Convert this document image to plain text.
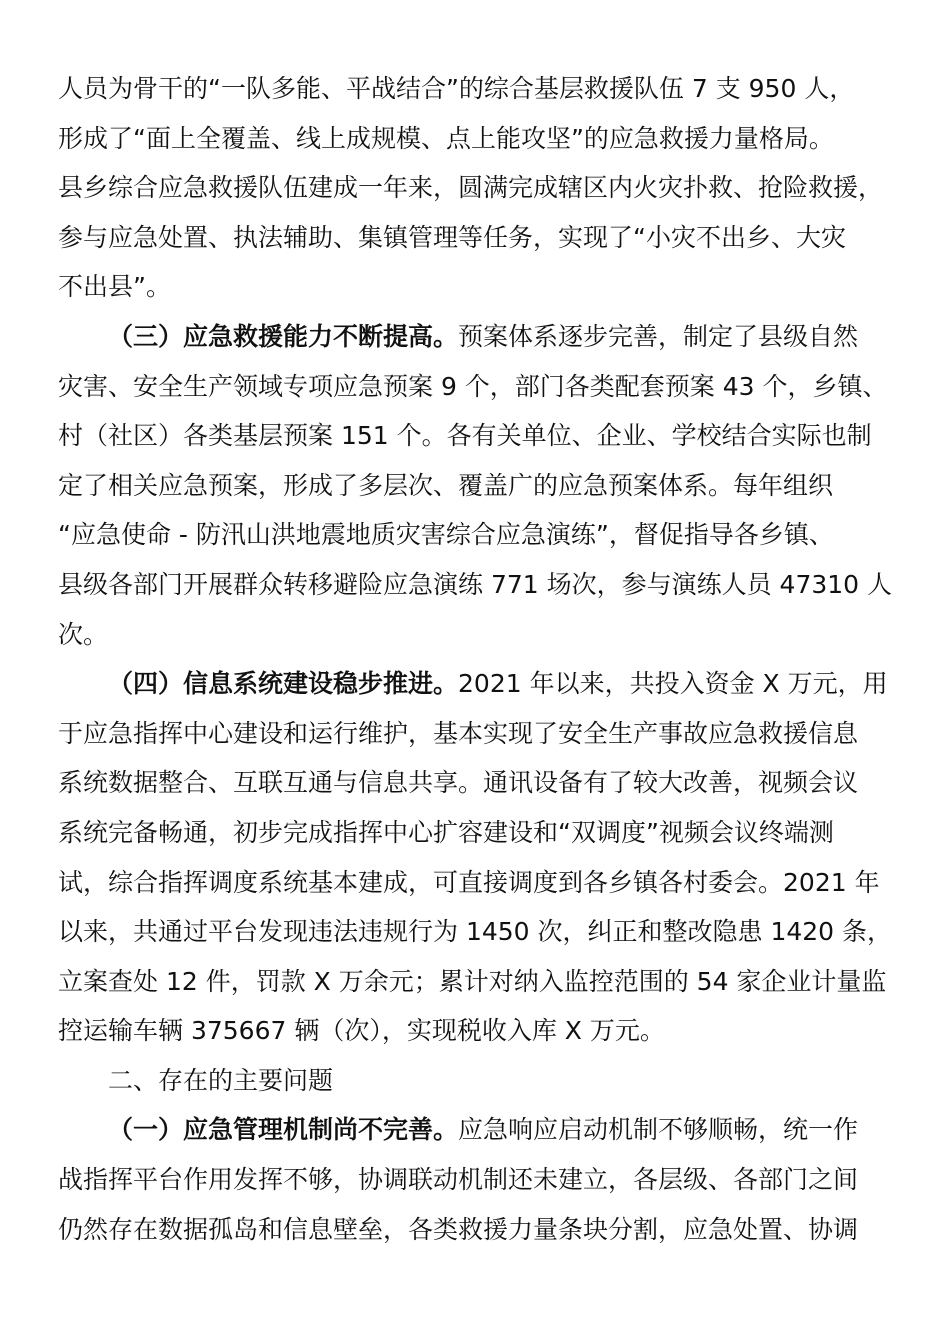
人员为骨干的“一队多能、平战结合”的综合基层救援队伍 7 支 950 人，
形成了“面上全覆盖、线上成规模、点上能攻坚”的应急救援力量格局。
县乡综合应急救援队伍建成一年来，圆满完成辖区内火灾扑救、抢险救援，
参与应急处置、执法辅助、集镇管理等任务，实现了“小灾不出乡、大灾
不出县”。
（三）应急救援能力不断提高。预案体系逐步完善，制定了县级自然
灾害、安全生产领域专项应急预案 9 个，部门各类配套预案 43 个，乡镇、
村（社区）各类基层预案 151 个。各有关单位、企业、学校结合实际也制
定了相关应急预案，形成了多层次、覆盖广的应急预案体系。每年组织
“应急使命 - 防汛山洪地震地质灾害综合应急演练”，督促指导各乡镇、
县级各部门开展群众转移避险应急演练 771 场次，参与演练人员 47310 人
次。
（四）信息系统建设稳步推进。2021 年以来，共投入资金 X 万元，用
于应急指挥中心建设和运行维护，基本实现了安全生产事故应急救援信息
系统数据整合、互联互通与信息共享。通讯设备有了较大改善，视频会议
系统完备畅通，初步完成指挥中心扩容建设和“双调度”视频会议终端测
试，综合指挥调度系统基本建成，可直接调度到各乡镇各村委会。2021 年
以来，共通过平台发现违法违规行为 1450 次，纠正和整改隐患 1420 条，
立案查处 12 件，罚款 X 万余元；累计对纳入监控范围的 54 家企业计量监
控运输车辆 375667 辆（次），实现税收入库 X 万元。
二、存在的主要问题
（一）应急管理机制尚不完善。应急响应启动机制不够顺畅，统一作
战指挥平台作用发挥不够，协调联动机制还未建立，各层级、各部门之间
仍然存在数据孤岛和信息壁垒，各类救援力量条块分割，应急处置、协调
